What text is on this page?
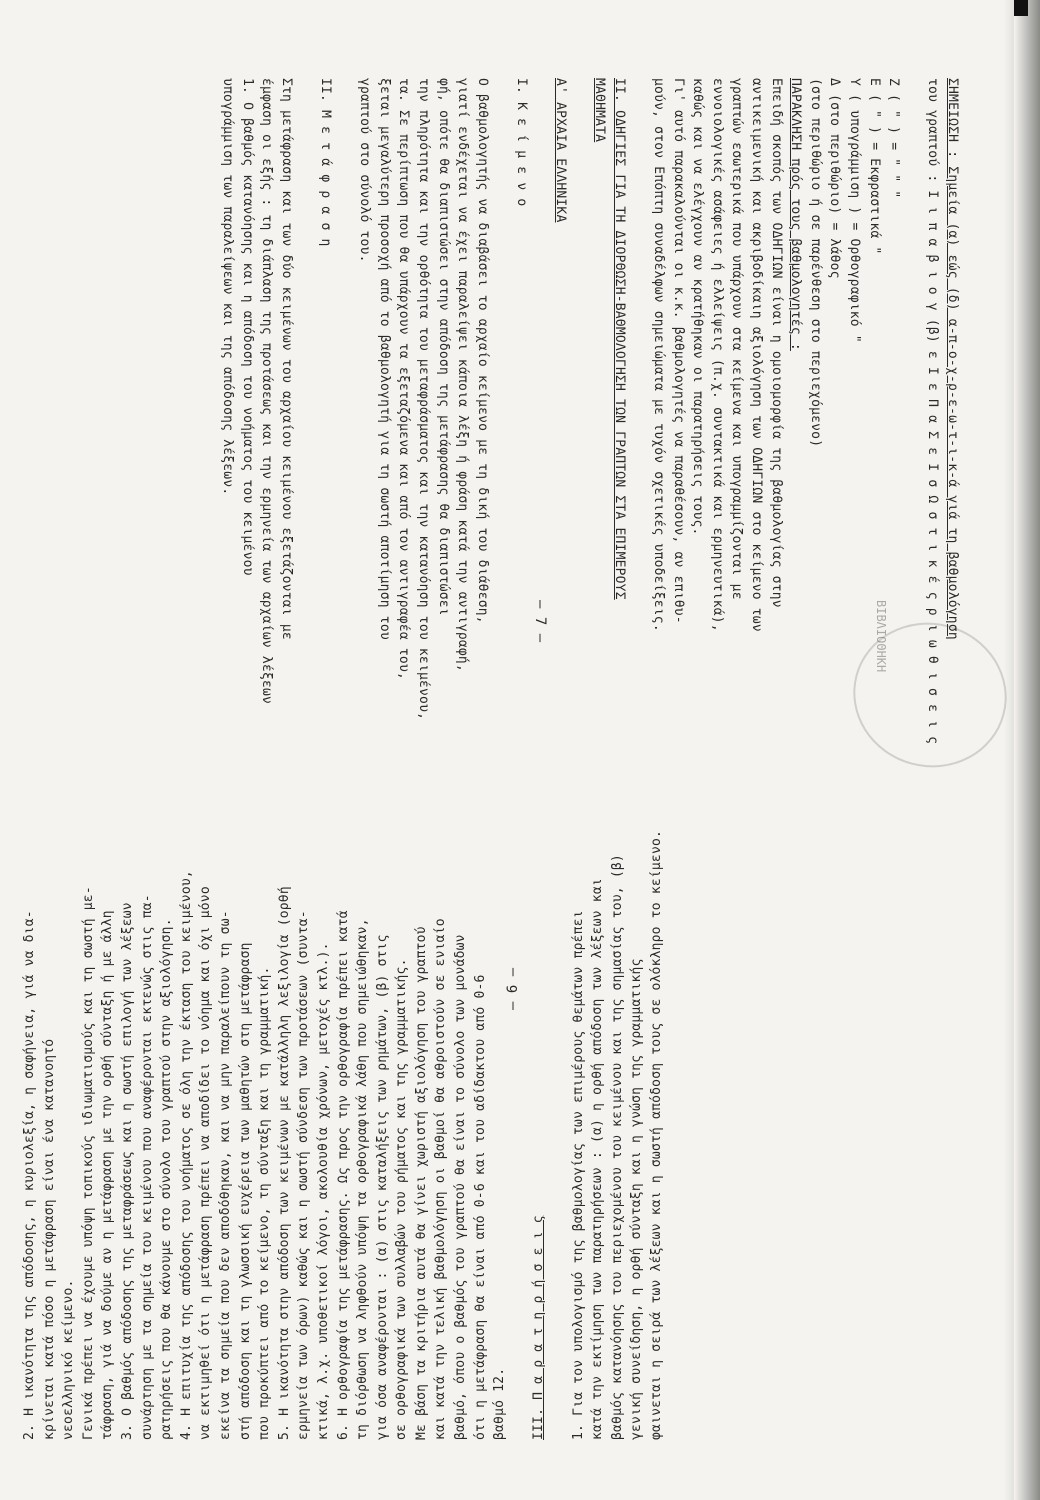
ΣΗΜΕΙΩΣΗ : Σημεία (α) εώς (δ) α-π-ο-χ-ρ-ε-ω-τ-ι-κ-ά γιά τη βαθμολόγηση
του γραπτού : Ι ι π α β ι ο γ (β) ε Ι ε Π α Σ ε Ι σ Ω σ τ ι κ έ ς ρ ι ω θ ι σ ε ι ς

Ζ ( " ) = " " "
Ε ( " ) = Εκφραστικά "
Υ ( υπογράμμιση ) = Ορθογραφικό "
Δ (στο περιθώριο) = λάθος
(στο περιθώριο ή σε παρένθεση στο περιεχόμενο)
ΠΑΡΑΚΛΗΣΗ πρός τους βαθμολογητές :
Επειδή σκοπός των ΟΔΗΓΙΩΝ είναι η ομοιομορφία της βαθμολογίας στην
αντικειμενική και ακριβοδίκαιη αξιολόγηση των ΟΔΗΓΙΩΝ στο κείμενο των
γραπτών εσωτερικά που υπάρχουν στα κείμενα και υπογραμμίζονται με
εννοιολογικές ασάφειες ή ελλείψεις (π.χ. συντακτικά και ερμηνευτικά),
καθώς και να ελέγχουν αν κρατήθηκαν οι παρατηρήσεις τους.
Γι' αυτό παρακαλούνται οι κ.κ. βαθμολογητές να παραθέσουν, αν επιθυ-
μούν, στον Επόπτη συναδέλφων σημειώματα με τυχόν σχετικές υποδείξεις.

ΙΙ. ΟΔΗΓΙΕΣ ΓΙΑ ΤΗ ΔΙΟΡΘΩΣΗ-ΒΑΘΜΟΛΟΓΗΣΗ ΤΩΝ ΓΡΑΠΤΩΝ ΣΤΑ ΕΠΙΜΕΡΟΥΣ
ΜΑΘΗΜΑΤΑ

Α' ΑΡΧΑΙΑ ΕΛΛΗΝΙΚΑ

Ι. Κ ε ί μ ε ν ο

Ο βαθμολογητής να διαβάσει το αρχαίο κείμενο με τη δική του διάθεση,
γιατί ενδέχεται να έχει παραλείψει κάποια λέξη ή φράση κατά την αντιγραφή,
φή, οπότε θα διαπιστώσει στην απόδοση της μετάφρασης θα διαπιστώσει
την πληρότητα και την ορθότητα του μεταφράσματος και την κατανόηση του κειμένου,
τα. Σε περίπτωση που θα υπάρχουν τα εξεταζόμενα και από τον αντιγραφέα του,
ξεται μεγαλύτερη προσοχή από το βαθμολογητή για τη σωστή αποτίμηση του
γραπτού στο σύνολό του.

ΙΙ. Μ ε τ ά φ ρ α σ η

Στη μετάφραση και των δύο κειμένων του αρχαίου κειμένου εξετάζονται με
έμφαση οι εξής : τη διάπλαση της προτάσεως και την ερμηνεία των αρχαίων λέξεων
1. Ο βαθμός κατανόησης και η απόδοση του νοήματος του κειμένου
υπογράμμιση των παραλείψεων και της απόδοσης λέξεων.
2. Η ικανότητα της απόδοσης, η κυριολεξία, η σαφήνεια, γιά να δια- κρίνεται κατά πόσο η μετάφραση είναι ένα κατανοητό νεοελληνικό κείμενο. Γενικά πρέπει να έχουμε υπόψη τοπικούς ιδιωματισμούς και τη σωστή με- τάφραση, γιά να δούμε αν η μετάφραση με την ορθή σύνταξη ή με άλλη 3. Ο βαθμός απόδοσης της μεταφράσεως και η σωστή επιλογή των λέξεων συνάρτηση με τα σημεία του κειμένου που αναφέρονται εκτενώς στις πα- ρατηρήσεις που θα κάνουμε στο σύνολο του γραπτού στην αξιολόγηση. 4. Η επιτυχία της απόδοσης του νοήματος σε όλη την έκταση του κειμένου, να εκτιμηθεί ότι η μετάφραση πρέπει να αποδίδει το νόημα και όχι μόνο εκείνα τα σημεία που δεν αποδόθηκαν, και να μην παραλείπουν τη σω- στή απόδοση και τη γλωσσική ευχέρεια των μαθητών στη μετάφραση που προκύπτει από το κείμενο, τη σύνταξη και τη γραμματική. 5. Η ικανότητα στην απόδοση των κειμένων με κατάλληλη λεξιλογία (ορθή ερμηνεία των όρων) καθώς και η σωστή σύνδεση των προτάσεων (συντα- κτικά, λ.χ. υποθετικοί λόγοι, ακολουθία χρόνων, μετοχές κτλ.). 6. Η ορθογραφία της μετάφρασης. Ως προς την ορθογραφία πρέπει κατά τη διόρθωση να ληφθούν υπόψη τα ορθογραφικά λάθη που σημειώθηκαν, για όσα αναφέρονται : (α) στις καταλήξεις των ρημάτων, (β) στις σε ορθογραφικά των συλλαβών του ρήματος και της γραμματικής. Με βάση τα κριτήρια αυτά θα γίνει χωριστή αξιολόγηση του γραπτού και κατά την τελική βαθμολόγηση οι βαθμοί θα αθροιστούν σε ενιαίο βαθμό, όπου ο βαθμός του γραπτού θα είναι το σύνολο των μονάδων ότι η μετάφραση θα είναι από 0-6 και του αδίδακτου από 0-6 βαθμό 12.
ΙΙΙ. Π α ρ α τ η ρ ή σ ε ι ς
1. Για τον υπολογισμό της βαθμολογίας των επιμέρους θεμάτων πρέπει κατά την εκτίμηση των παρατηρήσεων : (α) η ορθή απόδοση των λέξεων και βαθμός κατανόησης του περιεχομένου του κειμένου και της σημασίας του, (β) γενική συνείδηση, η ορθή σύνταξη και η γνώση της γραμματικής φαινεται η σειρά των λέξεων και η σωστή απόδοση τους σε ολόκληρο το κείμενο.
– 6 –
– 7 –	ΒΙΒΛΙΟΘΗΚΗ
